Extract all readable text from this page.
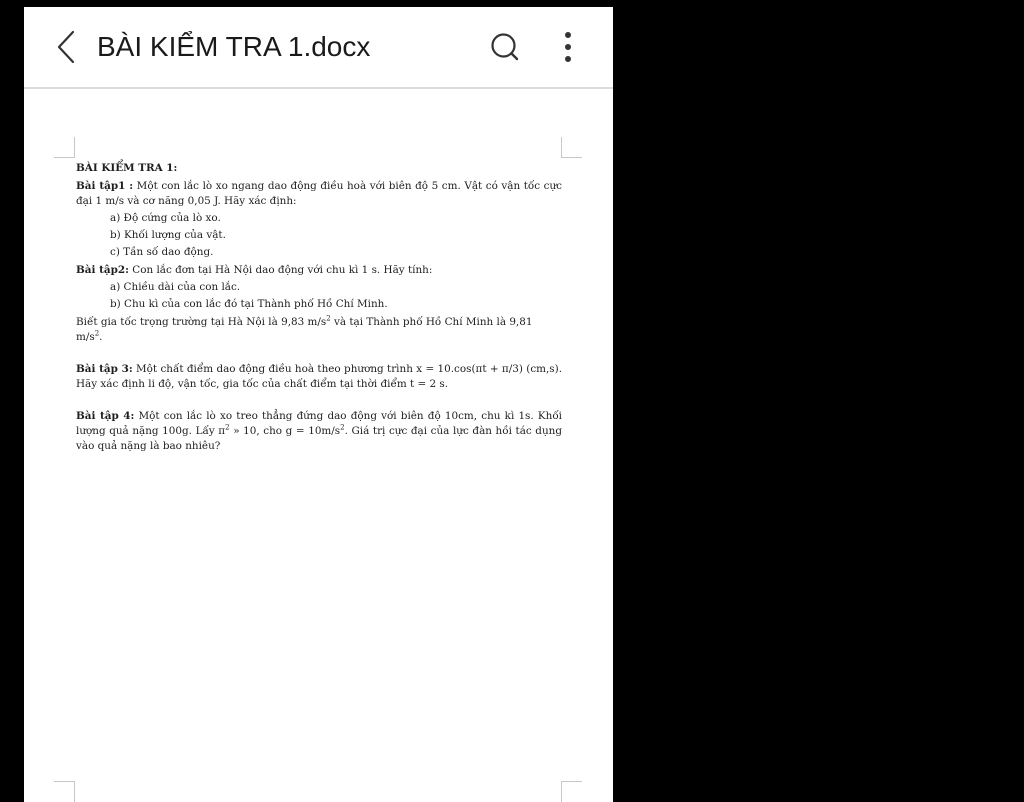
BÀI KIỂM TRA 1.docx

BÀI KIỂM TRA 1:

Bài tập1 : Một con lắc lò xo ngang dao động điều hoà với biên độ 5 cm. Vật có vận tốc cực đại 1 m/s và cơ năng 0,05 J. Hãy xác định:

a) Độ cứng của lò xo.

b) Khối lượng của vật.

c) Tần số dao động.

Bài tập2: Con lắc đơn tại Hà Nội dao động với chu kì 1 s. Hãy tính:

a) Chiều dài của con lắc.

b) Chu kì của con lắc đó tại Thành phố Hồ Chí Minh.

Biết gia tốc trọng trường tại Hà Nội là 9,83 $m/s^2$ và tại Thành phố Hồ Chí Minh là 9,81 $m/s^2$.

Bài tập 3: Một chất điểm dao động điều hoà theo phương trình x = 10.cos(πt + π/3) (cm,s). Hãy xác định li độ, vận tốc, gia tốc của chất điểm tại thời điểm t = 2 s.

Bài tập 4: Một con lắc lò xo treo thẳng đứng dao động với biên độ 10cm, chu kì 1s. Khối lượng quả nặng 100g. Lấy $\pi^2$ » 10, cho $g = 10m/s^2$. Giá trị cực đại của lực đàn hồi tác dụng vào quả nặng là bao nhiêu?
